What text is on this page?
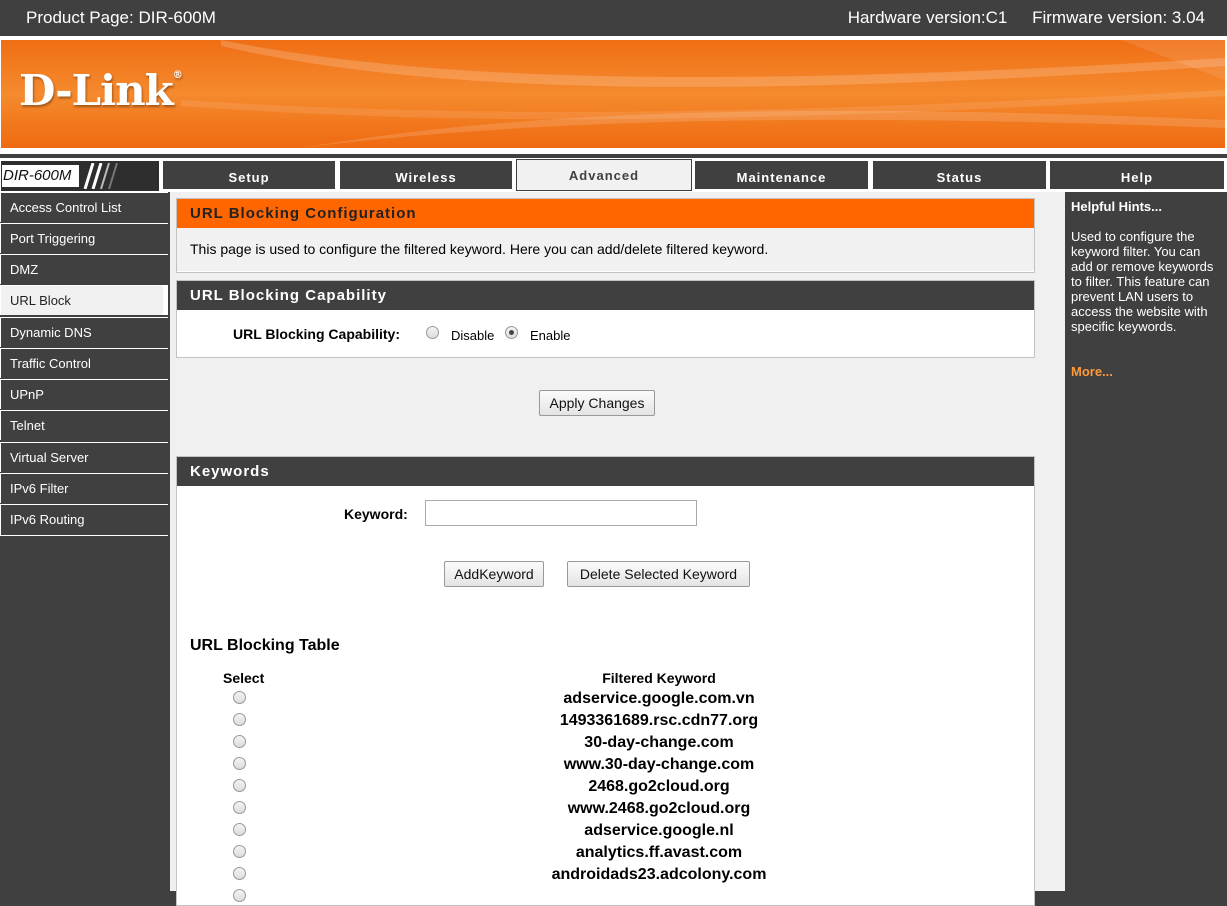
Product Page: DIR-600M	Hardware version:C1 Firmware version: 3.04
D-Link®
DIR-600M	Setup	Wireless	Advanced	Maintenance	Status	Help
Access Control List
Port Triggering
DMZ
URL Block
Dynamic DNS
Traffic Control
UPnP
Telnet
Virtual Server
IPv6 Filter
IPv6 Routing
URL Blocking Configuration
This page is used to configure the filtered keyword. Here you can add/delete filtered keyword.
URL Blocking Capability
URL Blocking Capability:	Disable	Enable
Apply Changes
Keywords
Keyword:
AddKeyword	Delete Selected Keyword
URL Blocking Table
Select	Filtered Keyword
adservice.google.com.vn
1493361689.rsc.cdn77.org
30-day-change.com
www.30-day-change.com
2468.go2cloud.org
www.2468.go2cloud.org
adservice.google.nl
analytics.ff.avast.com
androidads23.adcolony.com
Helpful Hints...
Used to configure the keyword filter. You can add or remove keywords to filter. This feature can prevent LAN users to access the website with specific keywords.
More...
